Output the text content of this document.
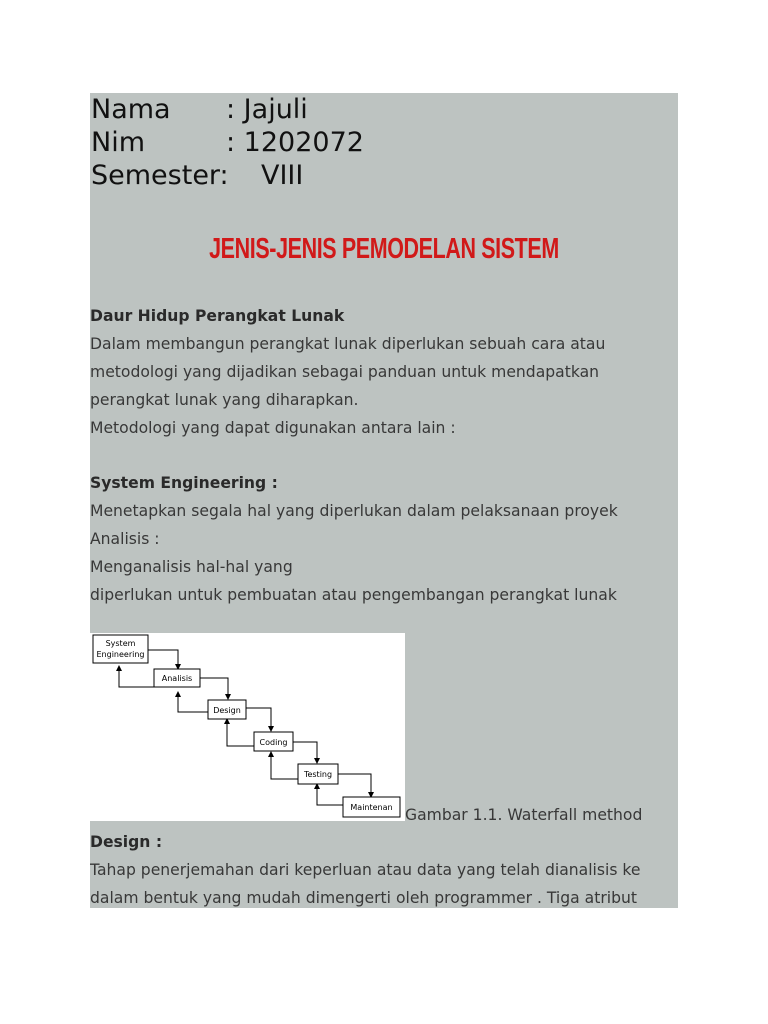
Nama : Jajuli
Nim	: 1202072
Semester: VIII
JENIS-JENIS PEMODELAN SISTEM
Daur Hidup Perangkat Lunak
Dalam membangun perangkat lunak diperlukan sebuah cara atau
metodologi yang dijadikan sebagai panduan untuk mendapatkan
perangkat lunak yang diharapkan.
Metodologi yang dapat digunakan antara lain :
System Engineering :
Menetapkan segala hal yang diperlukan dalam pelaksanaan proyek
Analisis :
Menganalisis hal-hal yang
diperlukan untuk pembuatan atau pengembangan perangkat lunak
System
Engineering
Analisis
Design
Coding
Testing
Maintenan Gambar 1.1. Waterfall method
Design :
Tahap penerjemahan dari keperluan atau data yang telah dianalisis ke
dalam bentuk yang mudah dimengerti oleh programmer . Tiga atribut
